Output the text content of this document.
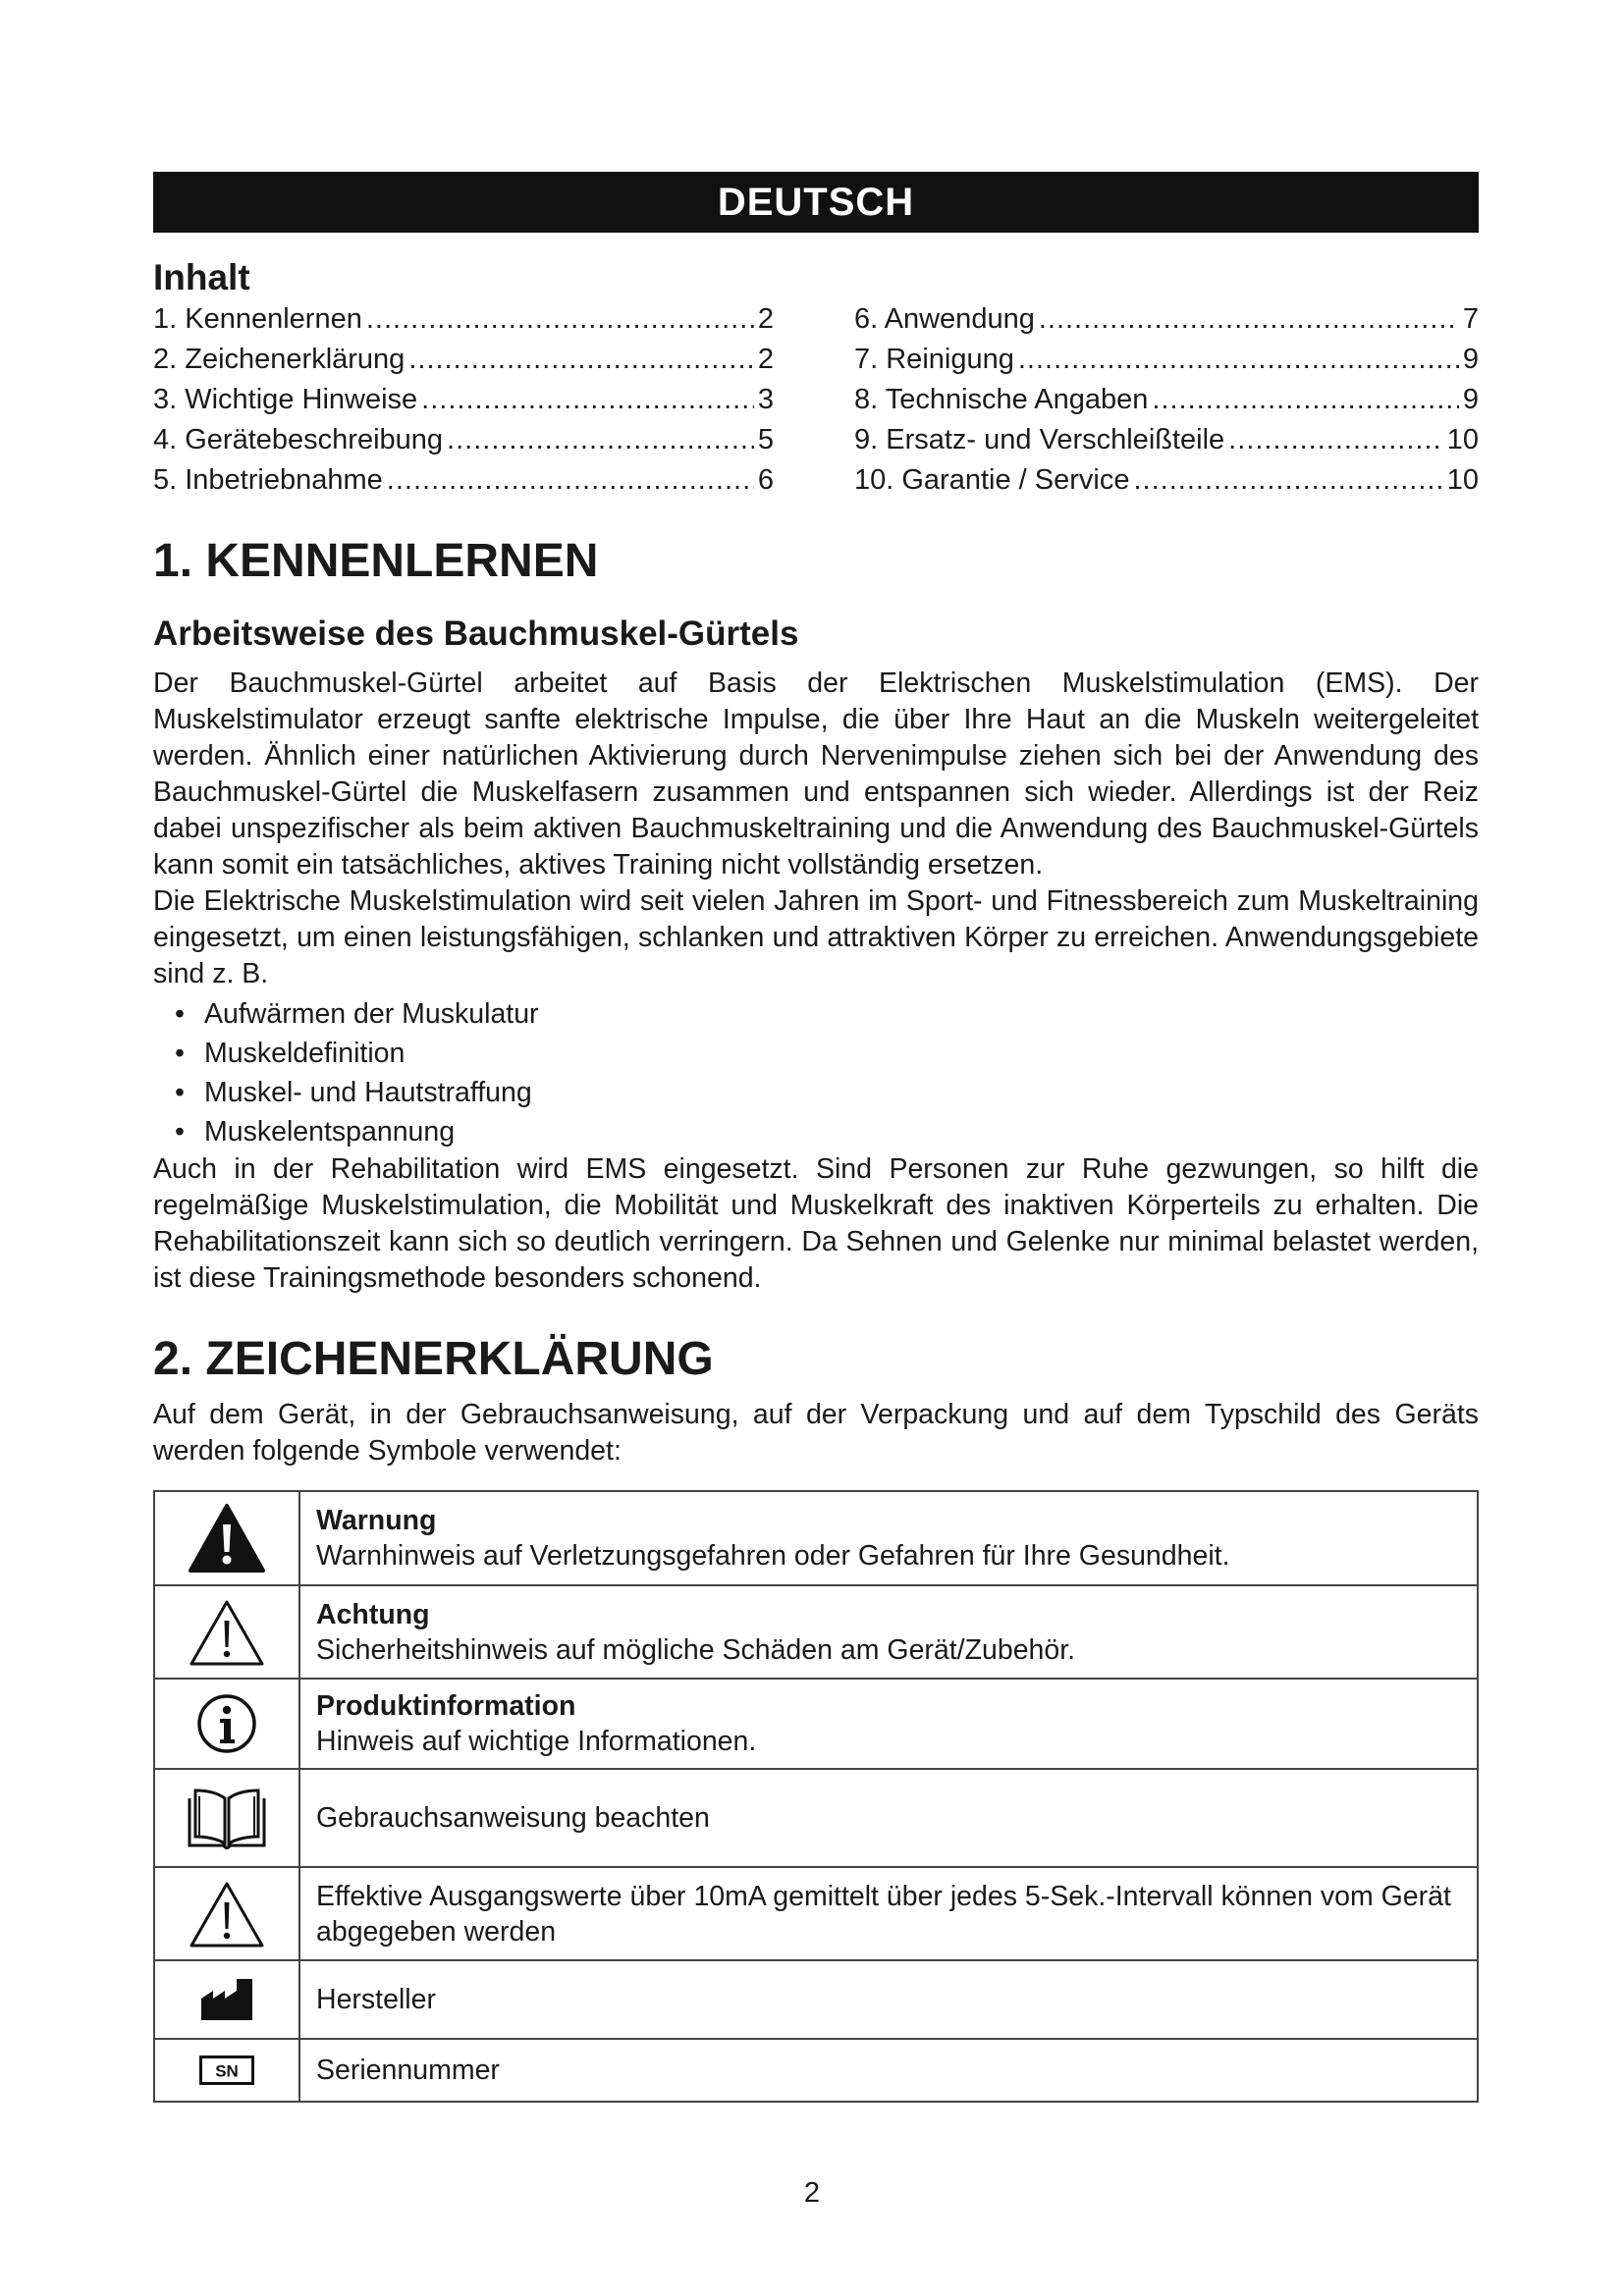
DEUTSCH
Inhalt
1. Kennenlernen .....	2
2. Zeichenerklärung .....	2
3. Wichtige Hinweise .....	3
4. Gerätebeschreibung .....	5
5. Inbetriebnahme .....	6
6. Anwendung .....	7
7. Reinigung .....	9
8. Technische Angaben .....	9
9. Ersatz- und Verschleißteile .....	10
10. Garantie / Service .....	10
1. KENNENLERNEN
Arbeitsweise des Bauchmuskel-Gürtels

Der Bauchmuskel-Gürtel arbeitet auf Basis der Elektrischen Muskelstimulation (EMS). Der Muskelstimulator erzeugt sanfte elektrische Impulse, die über Ihre Haut an die Muskeln weitergeleitet werden. Ähnlich einer natürlichen Aktivierung durch Nervenimpulse ziehen sich bei der Anwendung des Bauchmuskel-Gürtel die Muskelfasern zusammen und entspannen sich wieder. Allerdings ist der Reiz dabei unspezifischer als beim aktiven Bauchmuskeltraining und die Anwendung des Bauchmuskel-Gürtels kann somit ein tatsächliches, aktives Training nicht vollständig ersetzen.

Die Elektrische Muskelstimulation wird seit vielen Jahren im Sport- und Fitnessbereich zum Muskeltraining eingesetzt, um einen leistungsfähigen, schlanken und attraktiven Körper zu erreichen. Anwendungsgebiete sind z. B.

• Aufwärmen der Muskulatur
• Muskeldefinition
• Muskel- und Hautstraffung
• Muskelentspannung

Auch in der Rehabilitation wird EMS eingesetzt. Sind Personen zur Ruhe gezwungen, so hilft die regelmäßige Muskelstimulation, die Mobilität und Muskelkraft des inaktiven Körperteils zu erhalten. Die Rehabilitationszeit kann sich so deutlich verringern. Da Sehnen und Gelenke nur minimal belastet werden, ist diese Trainingsmethode besonders schonend.

2. ZEICHENERKLÄRUNG

Auf dem Gerät, in der Gebrauchsanweisung, auf der Verpackung und auf dem Typschild des Geräts werden folgende Symbole verwendet:

Warnung
Warnhinweis auf Verletzungsgefahren oder Gefahren für Ihre Gesundheit.

Achtung
Sicherheitshinweis auf mögliche Schäden am Gerät/Zubehör.

Produktinformation
Hinweis auf wichtige Informationen.
	Gebrauchsanweisung beachten
	Effektive Ausgangswerte über 10mA gemittelt über jedes 5-Sek.-Intervall können vom Gerät abgegeben werden
	Hersteller

SN	Seriennummer
2
